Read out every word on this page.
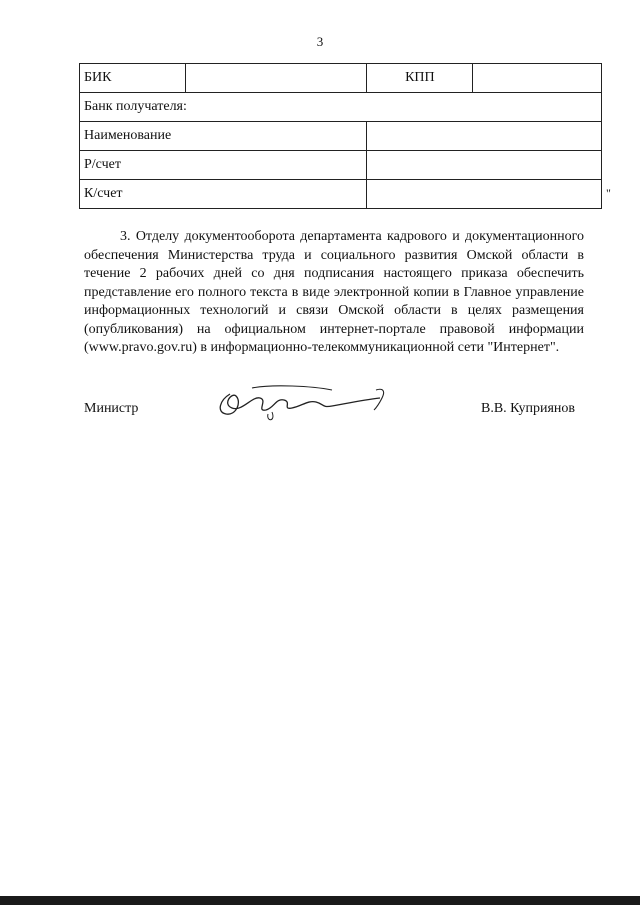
3
БИК		КПП	
Банк получателя:			
Наименование			
Р/счет			
К/счет				"

3. Отделу документооборота департамента кадрового и документационного обеспечения Министерства труда и социального развития Омской области в течение 2 рабочих дней со дня подписания настоящего приказа обеспечить представление его полного текста в виде электронной копии в Главное управление информационных технологий и связи Омской области в целях размещения (опубликования) на официальном интернет-портале правовой информации (www.pravo.gov.ru) в информационно-телекоммуникационной сети "Интернет".

Министр	В.В. Куприянов
